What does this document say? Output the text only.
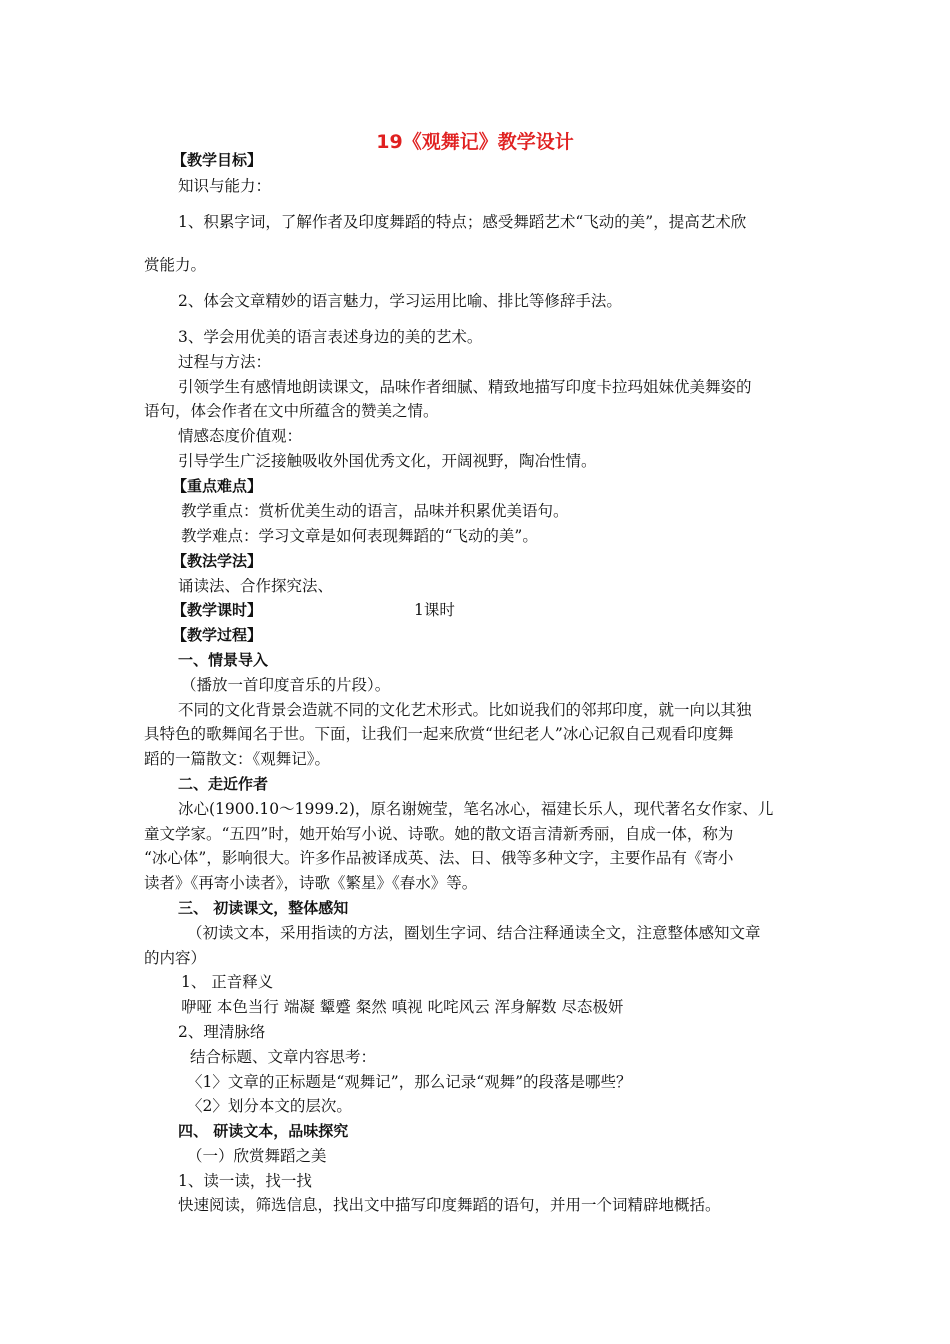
19《观舞记》教学设计
【教学目标】
知识与能力：
1、积累字词，了解作者及印度舞蹈的特点；感受舞蹈艺术“飞动的美”，提高艺术欣
赏能力。
2、体会文章精妙的语言魅力，学习运用比喻、排比等修辞手法。
3、学会用优美的语言表述身边的美的艺术。
过程与方法：
引领学生有感情地朗读课文，品味作者细腻、精致地描写印度卡拉玛姐妹优美舞姿的
语句，体会作者在文中所蕴含的赞美之情。
情感态度价值观：
引导学生广泛接触吸收外国优秀文化，开阔视野，陶冶性情。
【重点难点】
教学重点：赏析优美生动的语言，品味并积累优美语句。
教学难点：学习文章是如何表现舞蹈的“飞动的美”。
【教法学法】
诵读法、合作探究法、
【教学课时】	1课时
【教学过程】
一、情景导入
（播放一首印度音乐的片段）。
不同的文化背景会造就不同的文化艺术形式。比如说我们的邻邦印度，就一向以其独
具特色的歌舞闻名于世。下面，让我们一起来欣赏“世纪老人”冰心记叙自己观看印度舞
蹈的一篇散文：《观舞记》。
二、走近作者
冰心(1900.10～1999.2)，原名谢婉莹，笔名冰心，福建长乐人，现代著名女作家、儿
童文学家。“五四”时，她开始写小说、诗歌。她的散文语言清新秀丽，自成一体，称为
“冰心体”，影响很大。许多作品被译成英、法、日、俄等多种文字，主要作品有《寄小
读者》《再寄小读者》，诗歌《繁星》《春水》等。
三、 初读课文，整体感知
（初读文本，采用指读的方法，圈划生字词、结合注释通读全文，注意整体感知文章
的内容）
1、 正音释义
咿哑 本色当行 端凝 颦蹙 粲然 嗔视 叱咤风云 浑身解数 尽态极妍
2、理清脉络
结合标题、文章内容思考：
〈1〉文章的正标题是“观舞记”，那么记录“观舞”的段落是哪些？
〈2〉划分本文的层次。
四、 研读文本，品味探究
（一）欣赏舞蹈之美
1、读一读，找一找
快速阅读，筛选信息，找出文中描写印度舞蹈的语句，并用一个词精辟地概括。
